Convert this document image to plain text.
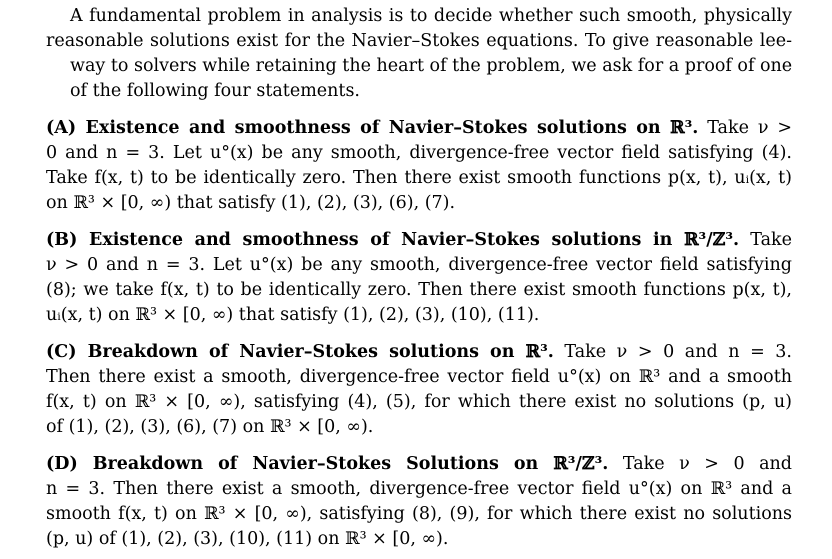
A fundamental problem in analysis is to decide whether such smooth, physically
reasonable solutions exist for the Navier–Stokes equations. To give reasonable lee-
way to solvers while retaining the heart of the problem, we ask for a proof of one
of the following four statements.

(A) Existence and smoothness of Navier–Stokes solutions on ℝ³. Take ν >
0 and n = 3. Let u°(x) be any smooth, divergence-free vector field satisfying (4).
Take f(x, t) to be identically zero. Then there exist smooth functions p(x, t), uᵢ(x, t)
on ℝ³ × [0, ∞) that satisfy (1), (2), (3), (6), (7).

(B) Existence and smoothness of Navier–Stokes solutions in ℝ³/ℤ³. Take
ν > 0 and n = 3. Let u°(x) be any smooth, divergence-free vector field satisfying
(8); we take f(x, t) to be identically zero. Then there exist smooth functions p(x, t),
uᵢ(x, t) on ℝ³ × [0, ∞) that satisfy (1), (2), (3), (10), (11).

(C) Breakdown of Navier–Stokes solutions on ℝ³. Take ν > 0 and n = 3.
Then there exist a smooth, divergence-free vector field u°(x) on ℝ³ and a smooth
f(x, t) on ℝ³ × [0, ∞), satisfying (4), (5), for which there exist no solutions (p, u)
of (1), (2), (3), (6), (7) on ℝ³ × [0, ∞).

(D) Breakdown of Navier–Stokes Solutions on ℝ³/ℤ³. Take ν > 0 and
n = 3. Then there exist a smooth, divergence-free vector field u°(x) on ℝ³ and a
smooth f(x, t) on ℝ³ × [0, ∞), satisfying (8), (9), for which there exist no solutions
(p, u) of (1), (2), (3), (10), (11) on ℝ³ × [0, ∞).
